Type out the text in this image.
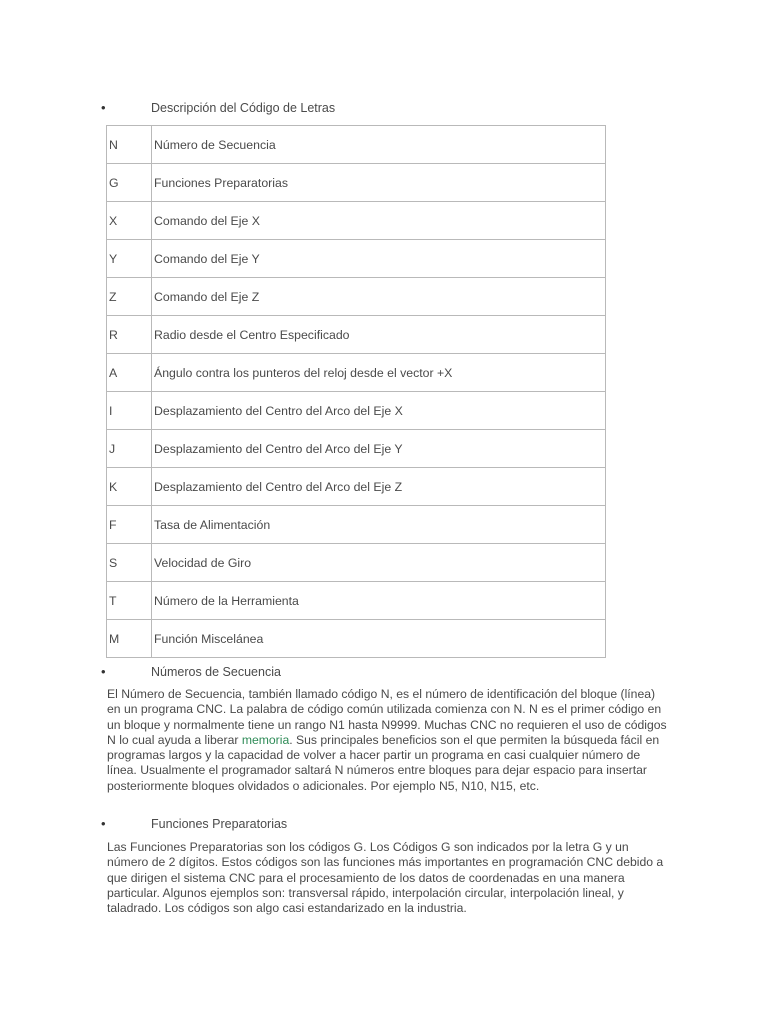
•	Descripción del Código de Letras
N	Número de Secuencia
G	Funciones Preparatorias
X	Comando del Eje X
Y	Comando del Eje Y
Z	Comando del Eje Z
R	Radio desde el Centro Especificado
A	Ángulo contra los punteros del reloj desde el vector +X
I	Desplazamiento del Centro del Arco del Eje X
J	Desplazamiento del Centro del Arco del Eje Y
K	Desplazamiento del Centro del Arco del Eje Z
F	Tasa de Alimentación
S	Velocidad de Giro
T	Número de la Herramienta
M	Función Miscelánea
•	Números de Secuencia

El Número de Secuencia, también llamado código N, es el número de identificación del bloque (línea) en un programa CNC. La palabra de código común utilizada comienza con N. N es el primer código en un bloque y normalmente tiene un rango N1 hasta N9999. Muchas CNC no requieren el uso de códigos N lo cual ayuda a liberar memoria. Sus principales beneficios son el que permiten la búsqueda fácil en programas largos y la capacidad de volver a hacer partir un programa en casi cualquier número de línea. Usualmente el programador saltará N números entre bloques para dejar espacio para insertar posteriormente bloques olvidados o adicionales. Por ejemplo N5, N10, N15, etc.

•	Funciones Preparatorias

Las Funciones Preparatorias son los códigos G. Los Códigos G son indicados por la letra G y un número de 2 dígitos. Estos códigos son las funciones más importantes en programación CNC debido a que dirigen el sistema CNC para el procesamiento de los datos de coordenadas en una manera particular. Algunos ejemplos son: transversal rápido, interpolación circular, interpolación lineal, y taladrado. Los códigos son algo casi estandarizado en la industria.
